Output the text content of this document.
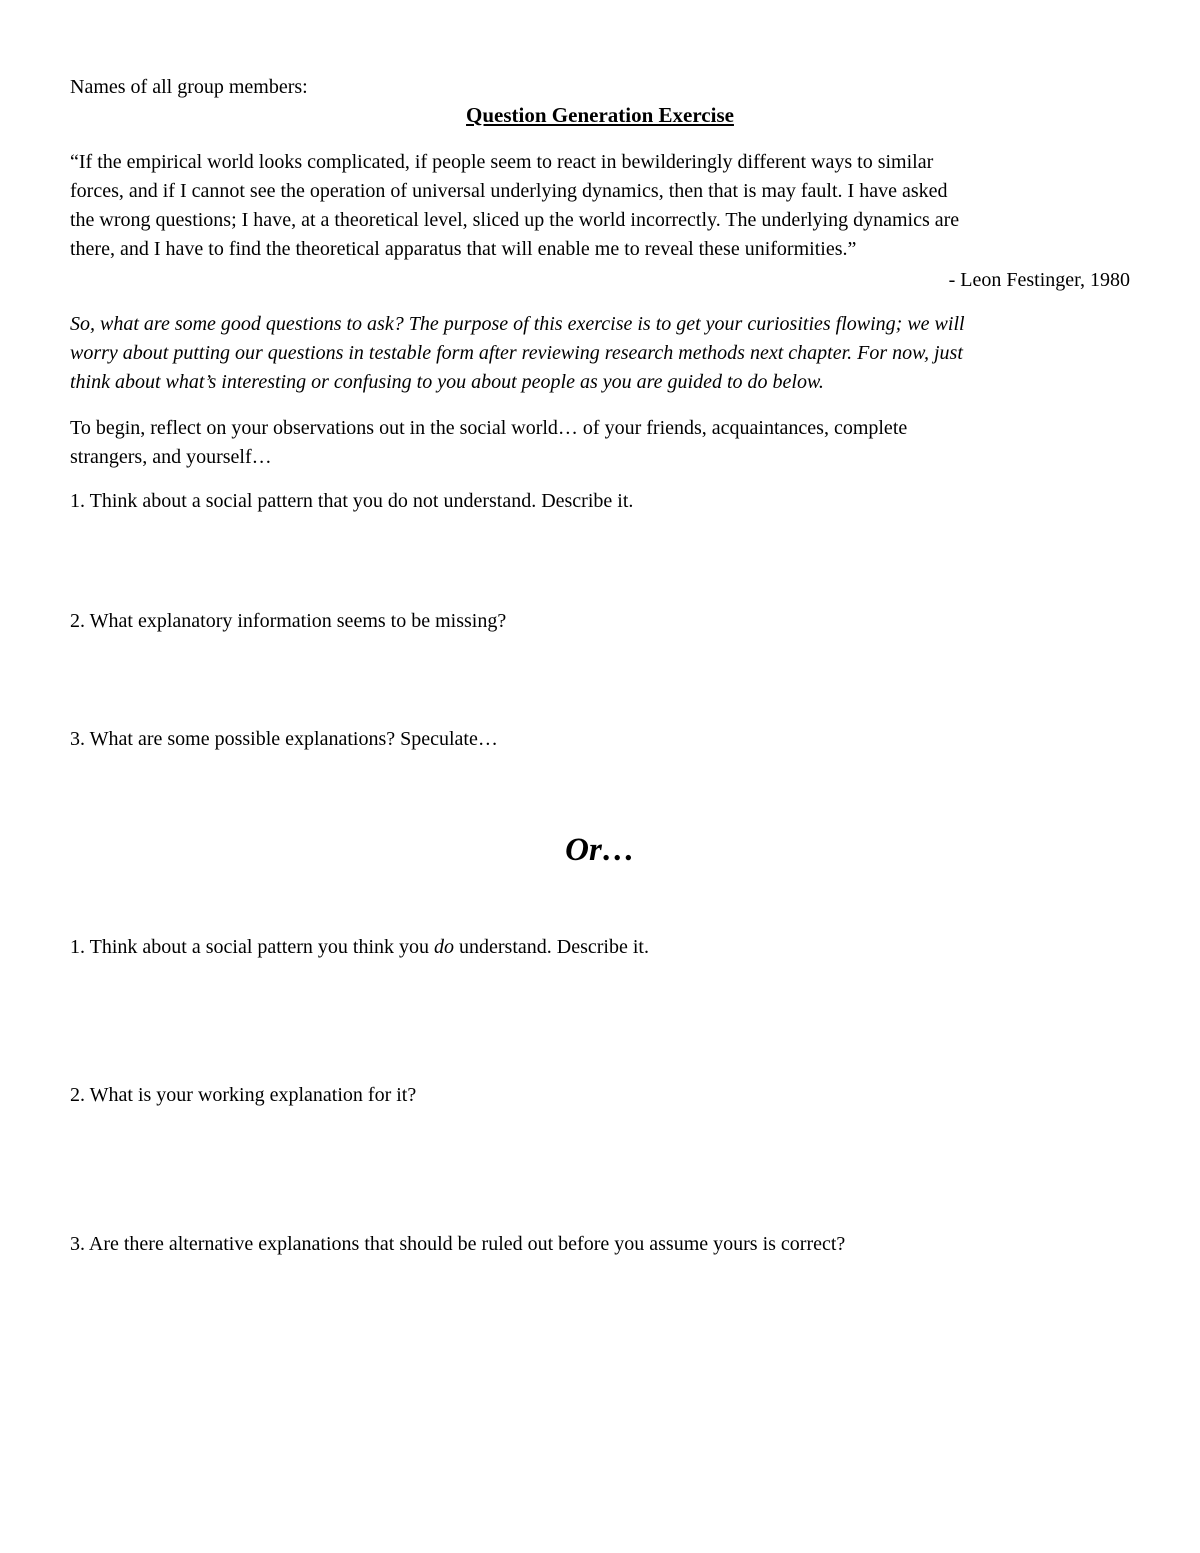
Names of all group members:
Question Generation Exercise

“If the empirical world looks complicated, if people seem to react in bewilderingly different ways to similar

forces, and if I cannot see the operation of universal underlying dynamics, then that is may fault. I have asked

the wrong questions; I have, at a theoretical level, sliced up the world incorrectly. The underlying dynamics are

there, and I have to find the theoretical apparatus that will enable me to reveal these uniformities.”

- Leon Festinger, 1980

So, what are some good questions to ask? The purpose of this exercise is to get your curiosities flowing; we will

worry about putting our questions in testable form after reviewing research methods next chapter. For now, just

think about what’s interesting or confusing to you about people as you are guided to do below.

To begin, reflect on your observations out in the social world… of your friends, acquaintances, complete

strangers, and yourself…

1. Think about a social pattern that you do not understand. Describe it.
2. What explanatory information seems to be missing?
3. What are some possible explanations? Speculate…
Or…
1. Think about a social pattern you think you do understand. Describe it.
2. What is your working explanation for it?
3. Are there alternative explanations that should be ruled out before you assume yours is correct?
